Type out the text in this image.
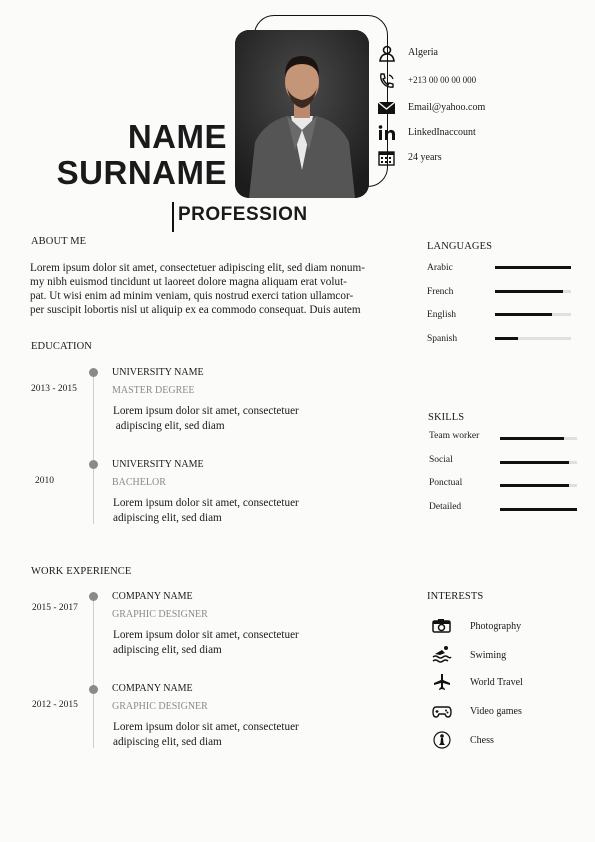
NAME
SURNAME
PROFESSION
Algeria
+213 00 00 00 000
Email@yahoo.com
LinkedInaccount
24 years
ABOUT ME
Lorem ipsum dolor sit amet, consectetuer adipiscing elit, sed diam nonum-
my nibh euismod tincidunt ut laoreet dolore magna aliquam erat volut-
pat. Ut wisi enim ad minim veniam, quis nostrud exerci tation ullamcor-
per suscipit lobortis nisl ut aliquip ex ea commodo consequat. Duis autem
EDUCATION
2013 - 2015
UNIVERSITY NAME
MASTER DEGREE
Lorem ipsum dolor sit amet, consectetuer
adipiscing elit, sed diam
2010
UNIVERSITY NAME
BACHELOR
Lorem ipsum dolor sit amet, consectetuer
adipiscing elit, sed diam
WORK EXPERIENCE
2015 - 2017
COMPANY NAME
GRAPHIC DESIGNER
Lorem ipsum dolor sit amet, consectetuer
adipiscing elit, sed diam
2012 - 2015
COMPANY NAME
GRAPHIC DESIGNER
Lorem ipsum dolor sit amet, consectetuer
adipiscing elit, sed diam
LANGUAGES
Arabic
French
English
Spanish
SKILLS
Team worker
Social
Ponctual
Detailed
INTERESTS
Photography
Swiming
World Travel
Video games
Chess
